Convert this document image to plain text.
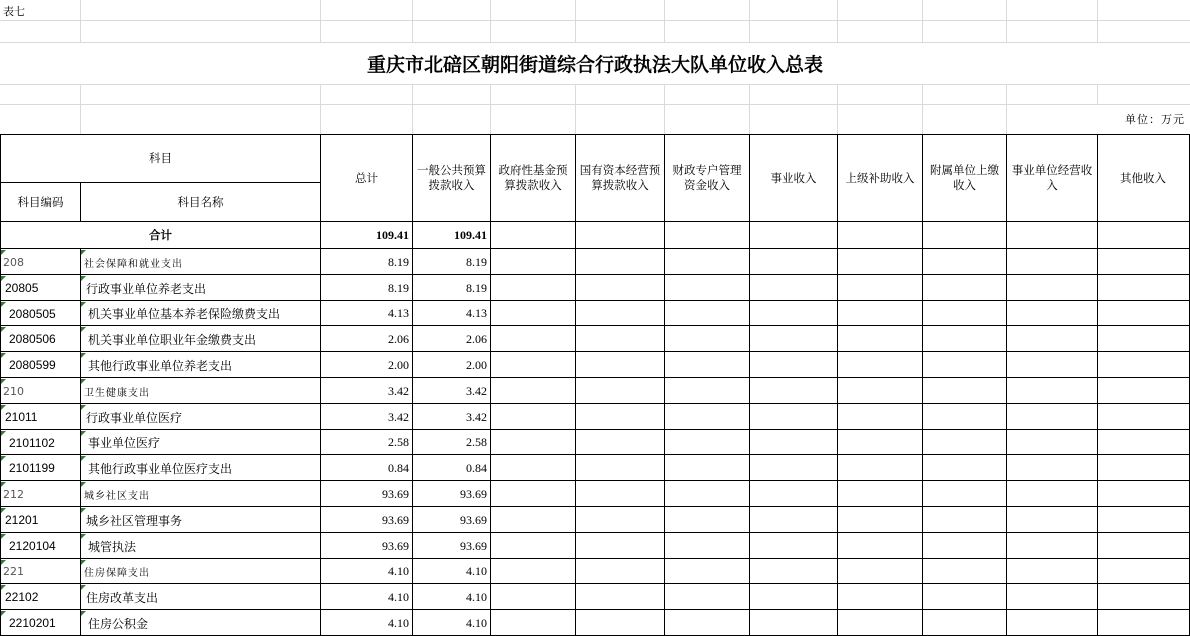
表七
重庆市北碚区朝阳街道综合行政执法大队单位收入总表
单位：万元
科目
科目编码	科目名称
总计
一般公共预算拨款收入
政府性基金预算拨款收入
国有资本经营预算拨款收入
财政专户管理资金收入
事业收入	上级补助收入
附属单位上缴收入
事业单位经营收入
其他收入
合计	109.41	109.41
208	社会保障和就业支出	8.19	8.19
20805	行政事业单位养老支出	8.19	8.19
2080505	机关事业单位基本养老保险缴费支出	4.13	4.13
2080506	机关事业单位职业年金缴费支出	2.06	2.06
2080599	其他行政事业单位养老支出	2.00	2.00
210	卫生健康支出	3.42	3.42
21011	行政事业单位医疗	3.42	3.42
2101102	事业单位医疗	2.58	2.58
2101199	其他行政事业单位医疗支出	0.84	0.84
212	城乡社区支出	93.69	93.69
21201	城乡社区管理事务	93.69	93.69
2120104	城管执法	93.69	93.69
221	住房保障支出	4.10	4.10
22102	住房改革支出	4.10	4.10
2210201	住房公积金	4.10	4.10
